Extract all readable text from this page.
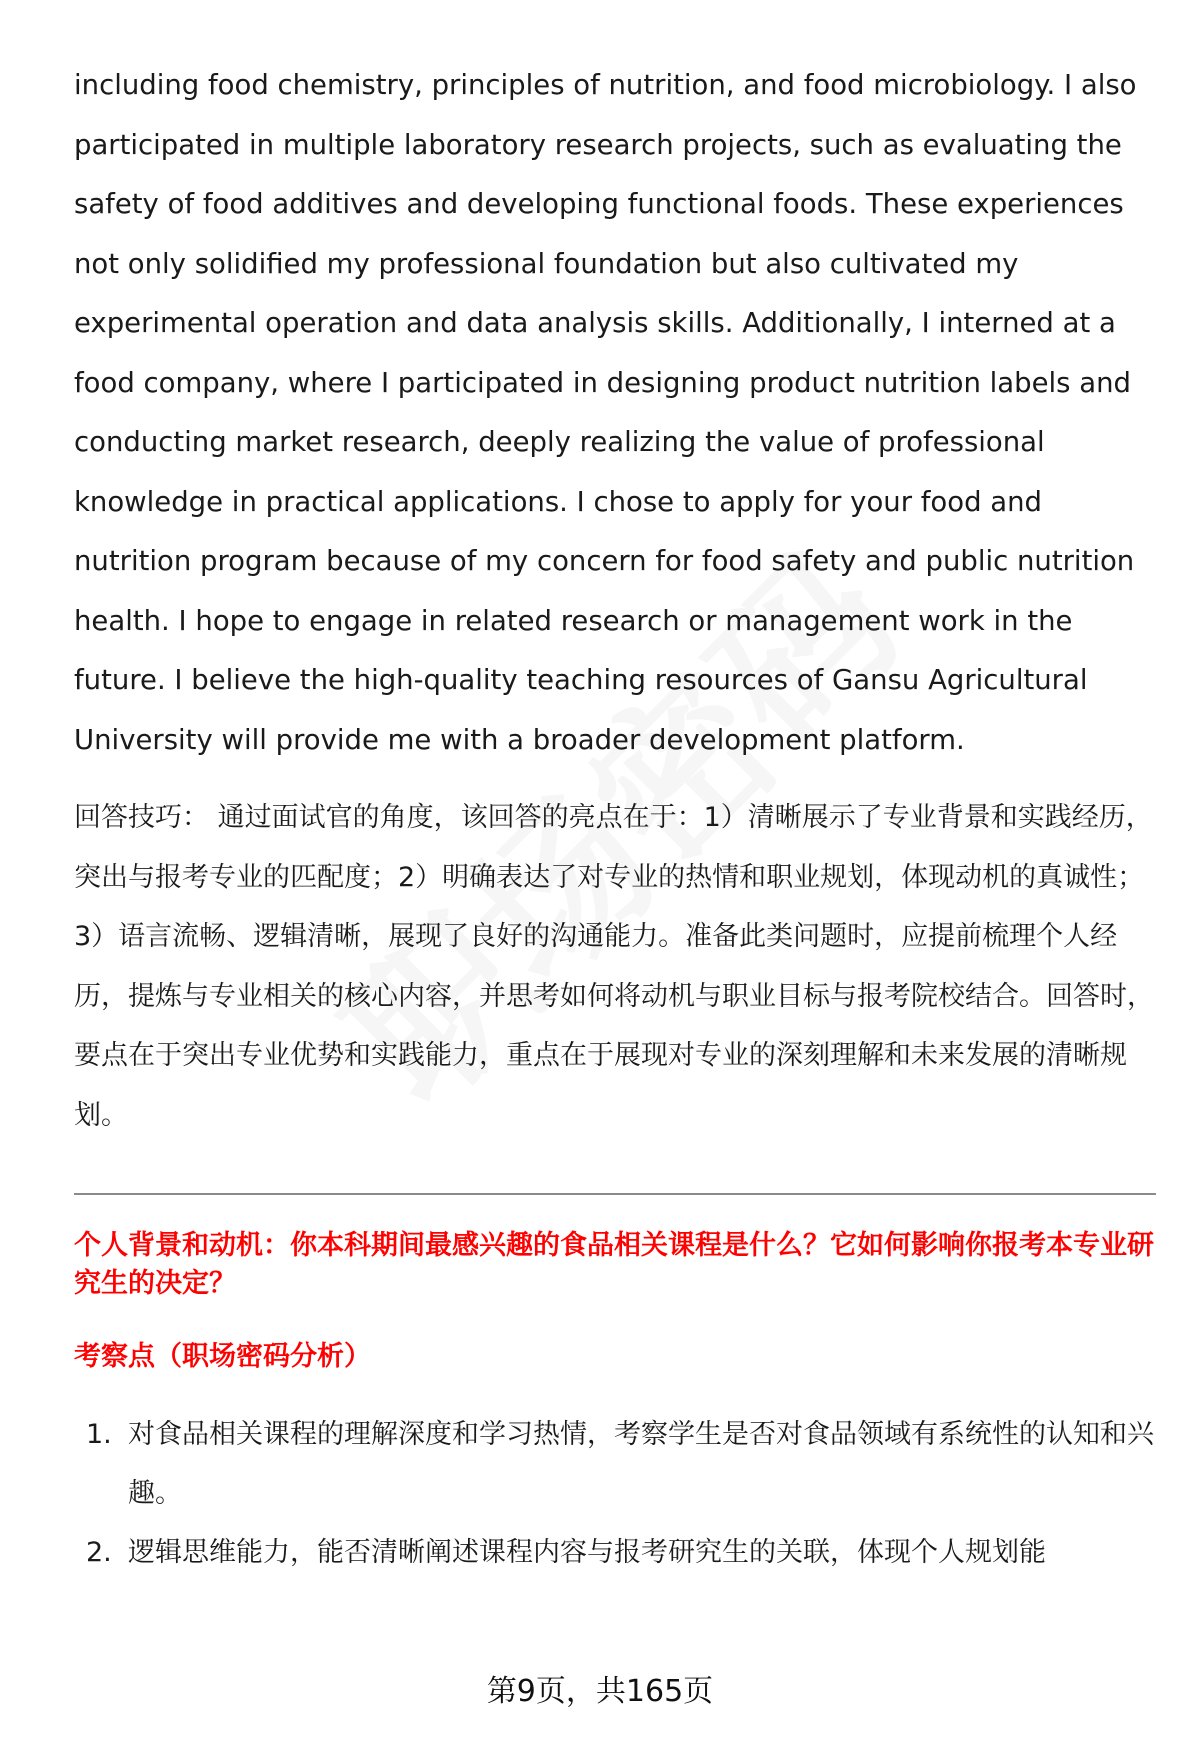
including food chemistry, principles of nutrition, and food microbiology. I also participated in multiple laboratory research projects, such as evaluating the safety of food additives and developing functional foods. These experiences not only solidified my professional foundation but also cultivated my experimental operation and data analysis skills. Additionally, I interned at a food company, where I participated in designing product nutrition labels and conducting market research, deeply realizing the value of professional knowledge in practical applications. I chose to apply for your food and nutrition program because of my concern for food safety and public nutrition health. I hope to engage in related research or management work in the future. I believe the high-quality teaching resources of Gansu Agricultural University will provide me with a broader development platform.

回答技巧： 通过面试官的角度，该回答的亮点在于：1）清晰展示了专业背景和实践经历，突出与报考专业的匹配度；2）明确表达了对专业的热情和职业规划，体现动机的真诚性；3）语言流畅、逻辑清晰，展现了良好的沟通能力。准备此类问题时，应提前梳理个人经历，提炼与专业相关的核心内容，并思考如何将动机与职业目标与报考院校结合。回答时，要点在于突出专业优势和实践能力，重点在于展现对专业的深刻理解和未来发展的清晰规划。

个人背景和动机：你本科期间最感兴趣的食品相关课程是什么？它如何影响你报考本专业研究生的决定？

考察点（职场密码分析）

1. 对食品相关课程的理解深度和学习热情，考察学生是否对食品领域有系统性的认知和兴趣。
2. 逻辑思维能力，能否清晰阐述课程内容与报考研究生的关联，体现个人规划能
第9页，共165页
